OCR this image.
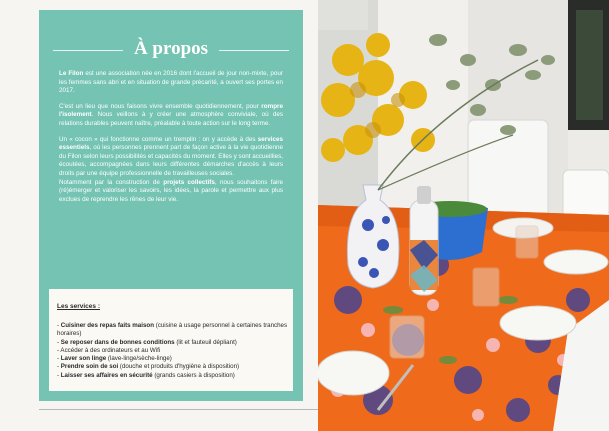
À propos

Le Filon est une association née en 2016 dont l'accueil de jour non-mixte, pour les femmes sans abri et en situation de grande précarité, a ouvert ses portes en 2017.

C'est un lieu que nous faisons vivre ensemble quotidiennement, pour rompre l'isolement. Nous veillons à y créer une atmosphère conviviale, où des relations durables peuvent naître, préalable à toute action sur le long terme.

Un « cocon » qui fonctionne comme un tremplin : on y accède à des services essentiels, où les personnes prennent part de façon active à la vie quotidienne du Filon selon leurs possibilités et capacités du moment. Elles y sont accueillies, écoutées, accompagnées dans leurs différentes démarches d'accès à leurs droits par une équipe professionnelle de travailleuses sociales.

Notamment par la construction de projets collectifs, nous souhaitons faire (ré)émerger et valoriser les savoirs, les idées, la parole et permettre aux plus exclues de reprendre les rênes de leur vie.

Les services :
- Cuisiner des repas faits maison (cuisine à usage personnel à certaines tranches horaires)
- Se reposer dans de bonnes conditions (lit et fauteuil dépliant)
- Accéder à des ordinateurs et au Wifi
- Laver son linge (lave-linge/sèche-linge)
- Prendre soin de soi (douche et produits d'hygiène à disposition)
- Laisser ses affaires en sécurité (grands casiers à disposition)
